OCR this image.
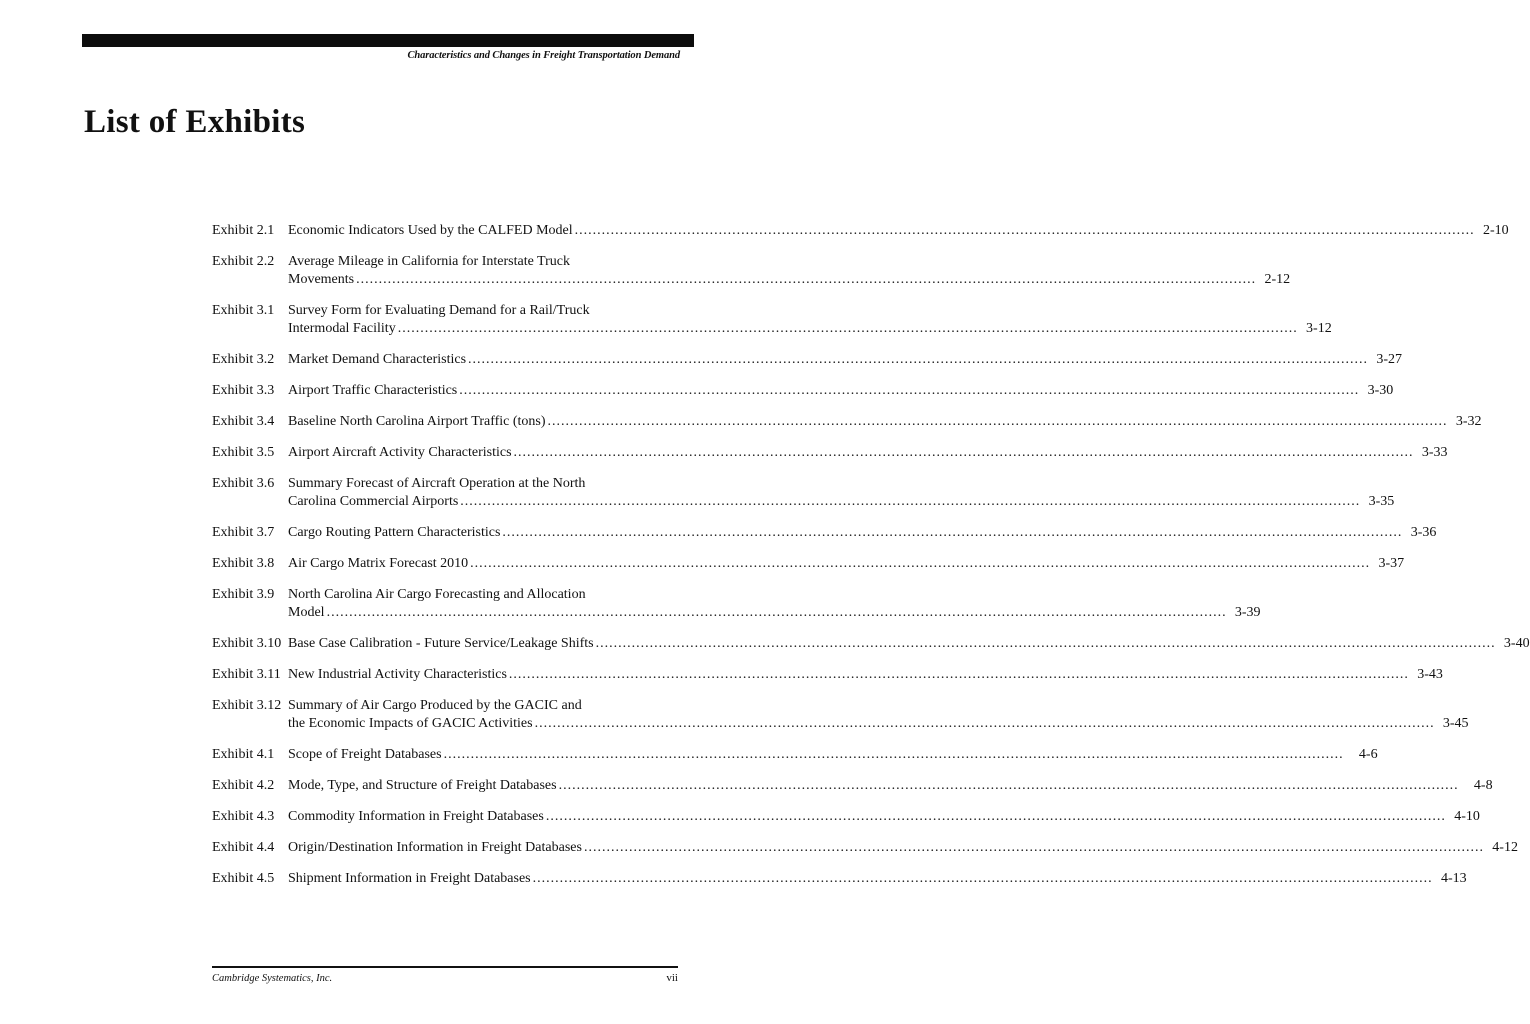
Characteristics and Changes in Freight Transportation Demand
List of Exhibits
Exhibit 2.1 Economic Indicators Used by the CALFED Model ........................................................................................................................................................................................................ 2-10
Exhibit 2.2 Average Mileage in California for Interstate Truck
Movements ........................................................................................................................................................................................................ 2-12
Exhibit 3.1 Survey Form for Evaluating Demand for a Rail/Truck
Intermodal Facility ........................................................................................................................................................................................................ 3-12
Exhibit 3.2 Market Demand Characteristics ........................................................................................................................................................................................................ 3-27
Exhibit 3.3 Airport Traffic Characteristics ........................................................................................................................................................................................................ 3-30
Exhibit 3.4 Baseline North Carolina Airport Traffic (tons) ........................................................................................................................................................................................................ 3-32
Exhibit 3.5 Airport Aircraft Activity Characteristics ........................................................................................................................................................................................................ 3-33
Exhibit 3.6 Summary Forecast of Aircraft Operation at the North
Carolina Commercial Airports ........................................................................................................................................................................................................ 3-35
Exhibit 3.7 Cargo Routing Pattern Characteristics ........................................................................................................................................................................................................ 3-36
Exhibit 3.8 Air Cargo Matrix Forecast 2010 ........................................................................................................................................................................................................ 3-37
Exhibit 3.9 North Carolina Air Cargo Forecasting and Allocation
Model ........................................................................................................................................................................................................ 3-39
Exhibit 3.10 Base Case Calibration - Future Service/Leakage Shifts ........................................................................................................................................................................................................ 3-40
Exhibit 3.11 New Industrial Activity Characteristics ........................................................................................................................................................................................................ 3-43
Exhibit 3.12 Summary of Air Cargo Produced by the GACIC and
the Economic Impacts of GACIC Activities ........................................................................................................................................................................................................ 3-45
Exhibit 4.1 Scope of Freight Databases ........................................................................................................................................................................................................	4-6
Exhibit 4.2 Mode, Type, and Structure of Freight Databases ........................................................................................................................................................................................................	4-8
Exhibit 4.3 Commodity Information in Freight Databases ........................................................................................................................................................................................................ 4-10
Exhibit 4.4 Origin/Destination Information in Freight Databases ........................................................................................................................................................................................................ 4-12
Exhibit 4.5 Shipment Information in Freight Databases ........................................................................................................................................................................................................ 4-13
Cambridge Systematics, Inc.	vii
